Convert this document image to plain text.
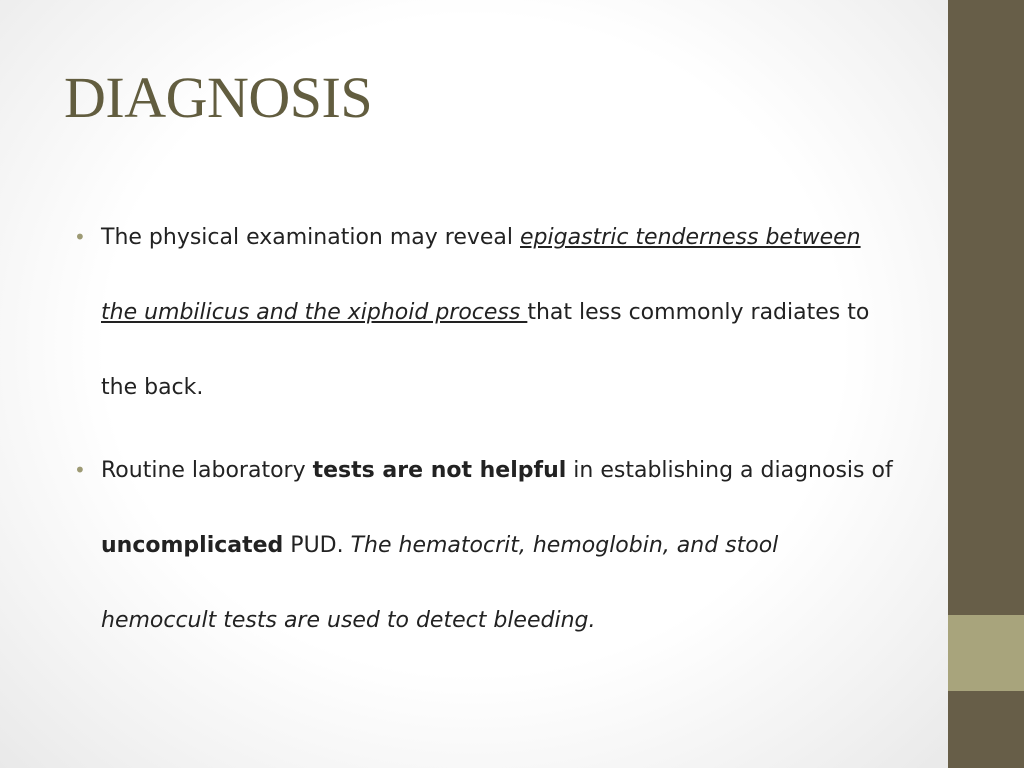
DIAGNOSIS
• The physical examination may reveal epigastric tenderness between the umbilicus and the xiphoid process that less commonly radiates to the back.
• Routine laboratory tests are not helpful in establishing a diagnosis of uncomplicated PUD. The hematocrit, hemoglobin, and stool hemoccult tests are used to detect bleeding.
